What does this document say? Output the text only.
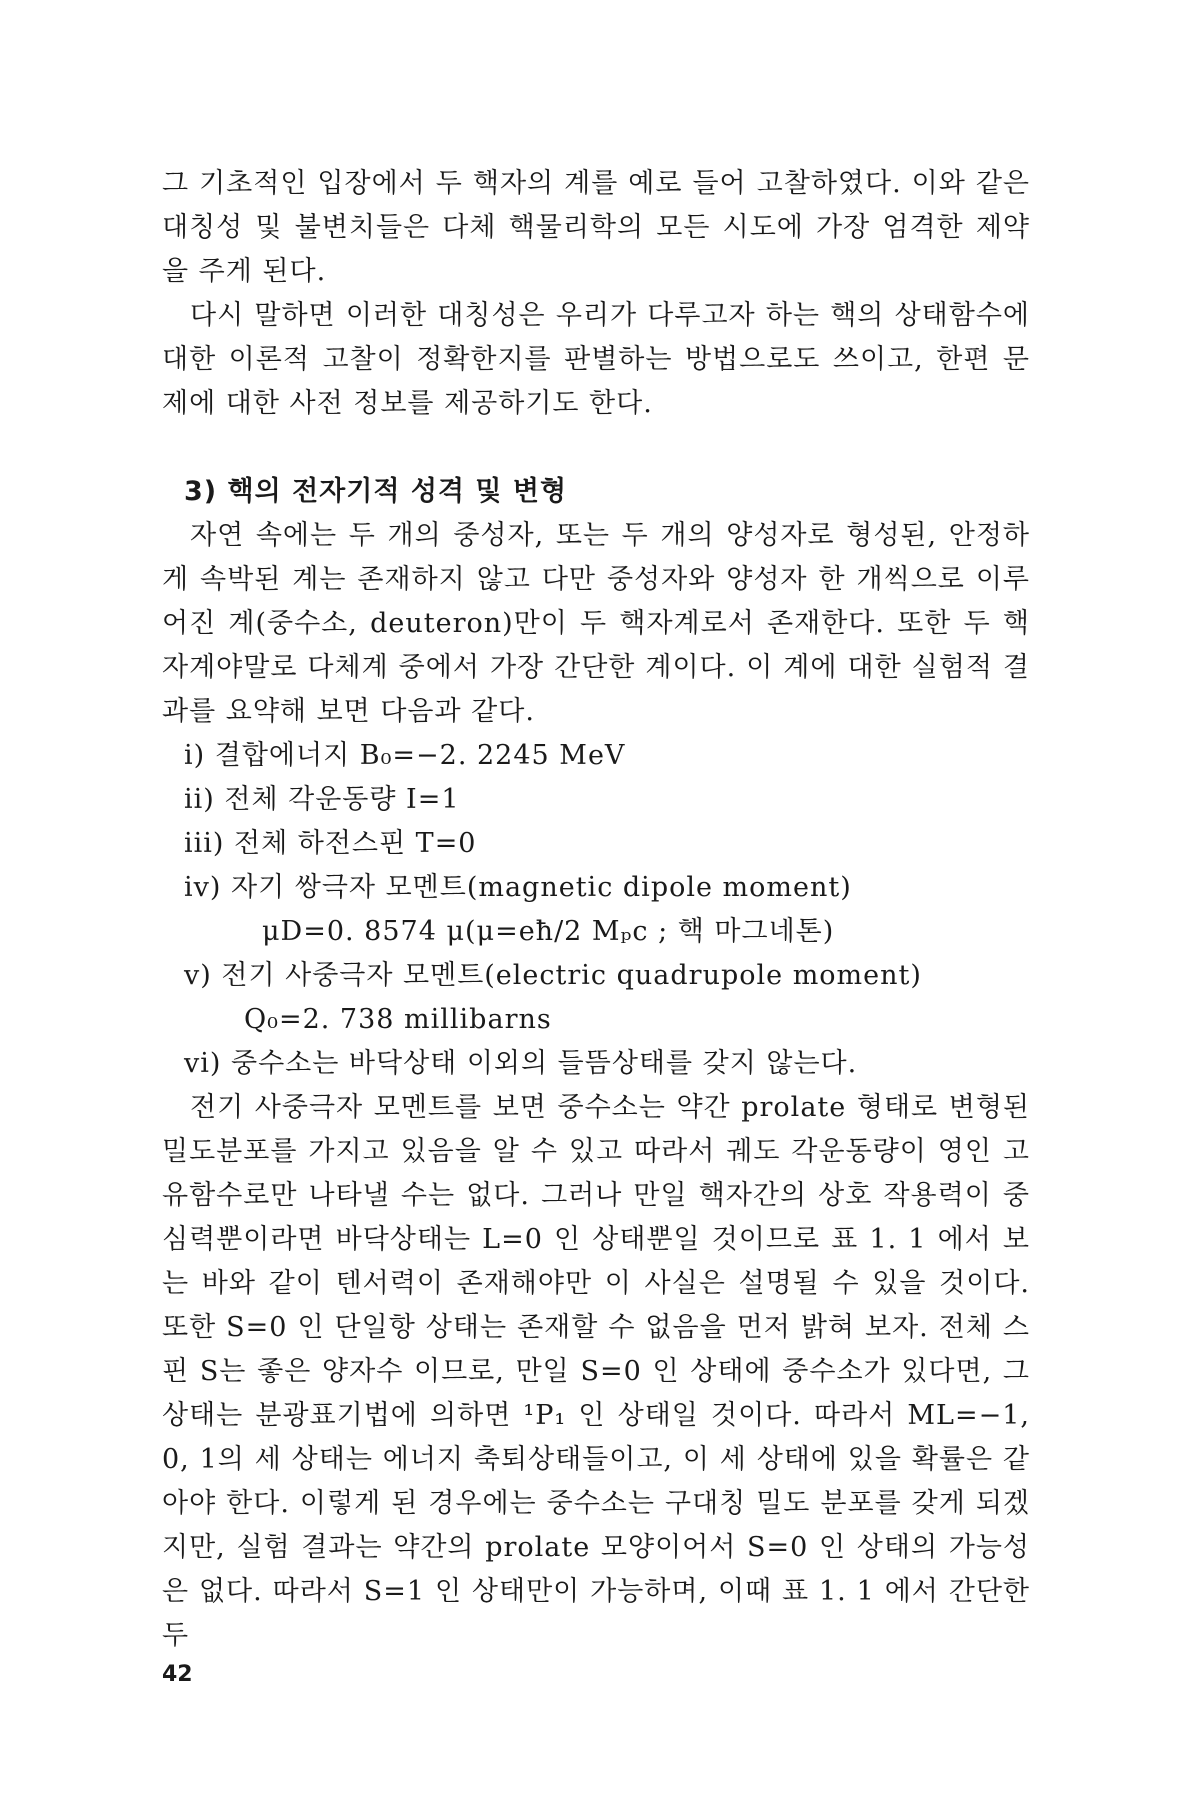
그 기초적인 입장에서 두 핵자의 계를 예로 들어 고찰하였다. 이와 같은 대칭성 및 불변치들은 다체 핵물리학의 모든 시도에 가장 엄격한 제약을 주게 된다.

다시 말하면 이러한 대칭성은 우리가 다루고자 하는 핵의 상태함수에 대한 이론적 고찰이 정확한지를 판별하는 방법으로도 쓰이고, 한편 문제에 대한 사전 정보를 제공하기도 한다.

3) 핵의 전자기적 성격 및 변형

자연 속에는 두 개의 중성자, 또는 두 개의 양성자로 형성된, 안정하게 속박된 계는 존재하지 않고 다만 중성자와 양성자 한 개씩으로 이루어진 계(중수소, deuteron)만이 두 핵자계로서 존재한다. 또한 두 핵자계야말로 다체계 중에서 가장 간단한 계이다. 이 계에 대한 실험적 결과를 요약해 보면 다음과 같다.

i) 결합에너지 B₀=−2. 2245 MeV
ii) 전체 각운동량 I=1
iii) 전체 하전스핀 T=0
iv) 자기 쌍극자 모멘트(magnetic dipole moment)
μD=0. 8574 μ(μ=eħ/2 Mₚc ; 핵 마그네톤)
v) 전기 사중극자 모멘트(electric quadrupole moment)
Q₀=2. 738 millibarns
vi) 중수소는 바닥상태 이외의 들뜸상태를 갖지 않는다.

전기 사중극자 모멘트를 보면 중수소는 약간 prolate 형태로 변형된 밀도분포를 가지고 있음을 알 수 있고 따라서 궤도 각운동량이 영인 고유함수로만 나타낼 수는 없다. 그러나 만일 핵자간의 상호 작용력이 중심력뿐이라면 바닥상태는 L=0 인 상태뿐일 것이므로 표 1. 1 에서 보는 바와 같이 텐서력이 존재해야만 이 사실은 설명될 수 있을 것이다. 또한 S=0 인 단일항 상태는 존재할 수 없음을 먼저 밝혀 보자. 전체 스핀 S는 좋은 양자수 이므로, 만일 S=0 인 상태에 중수소가 있다면, 그 상태는 분광표기법에 의하면 ¹P₁ 인 상태일 것이다. 따라서 ML=−1, 0, 1의 세 상태는 에너지 축퇴상태들이고, 이 세 상태에 있을 확률은 같아야 한다. 이렇게 된 경우에는 중수소는 구대칭 밀도 분포를 갖게 되겠지만, 실험 결과는 약간의 prolate 모양이어서 S=0 인 상태의 가능성은 없다. 따라서 S=1 인 상태만이 가능하며, 이때 표 1. 1 에서 간단한 두

42
